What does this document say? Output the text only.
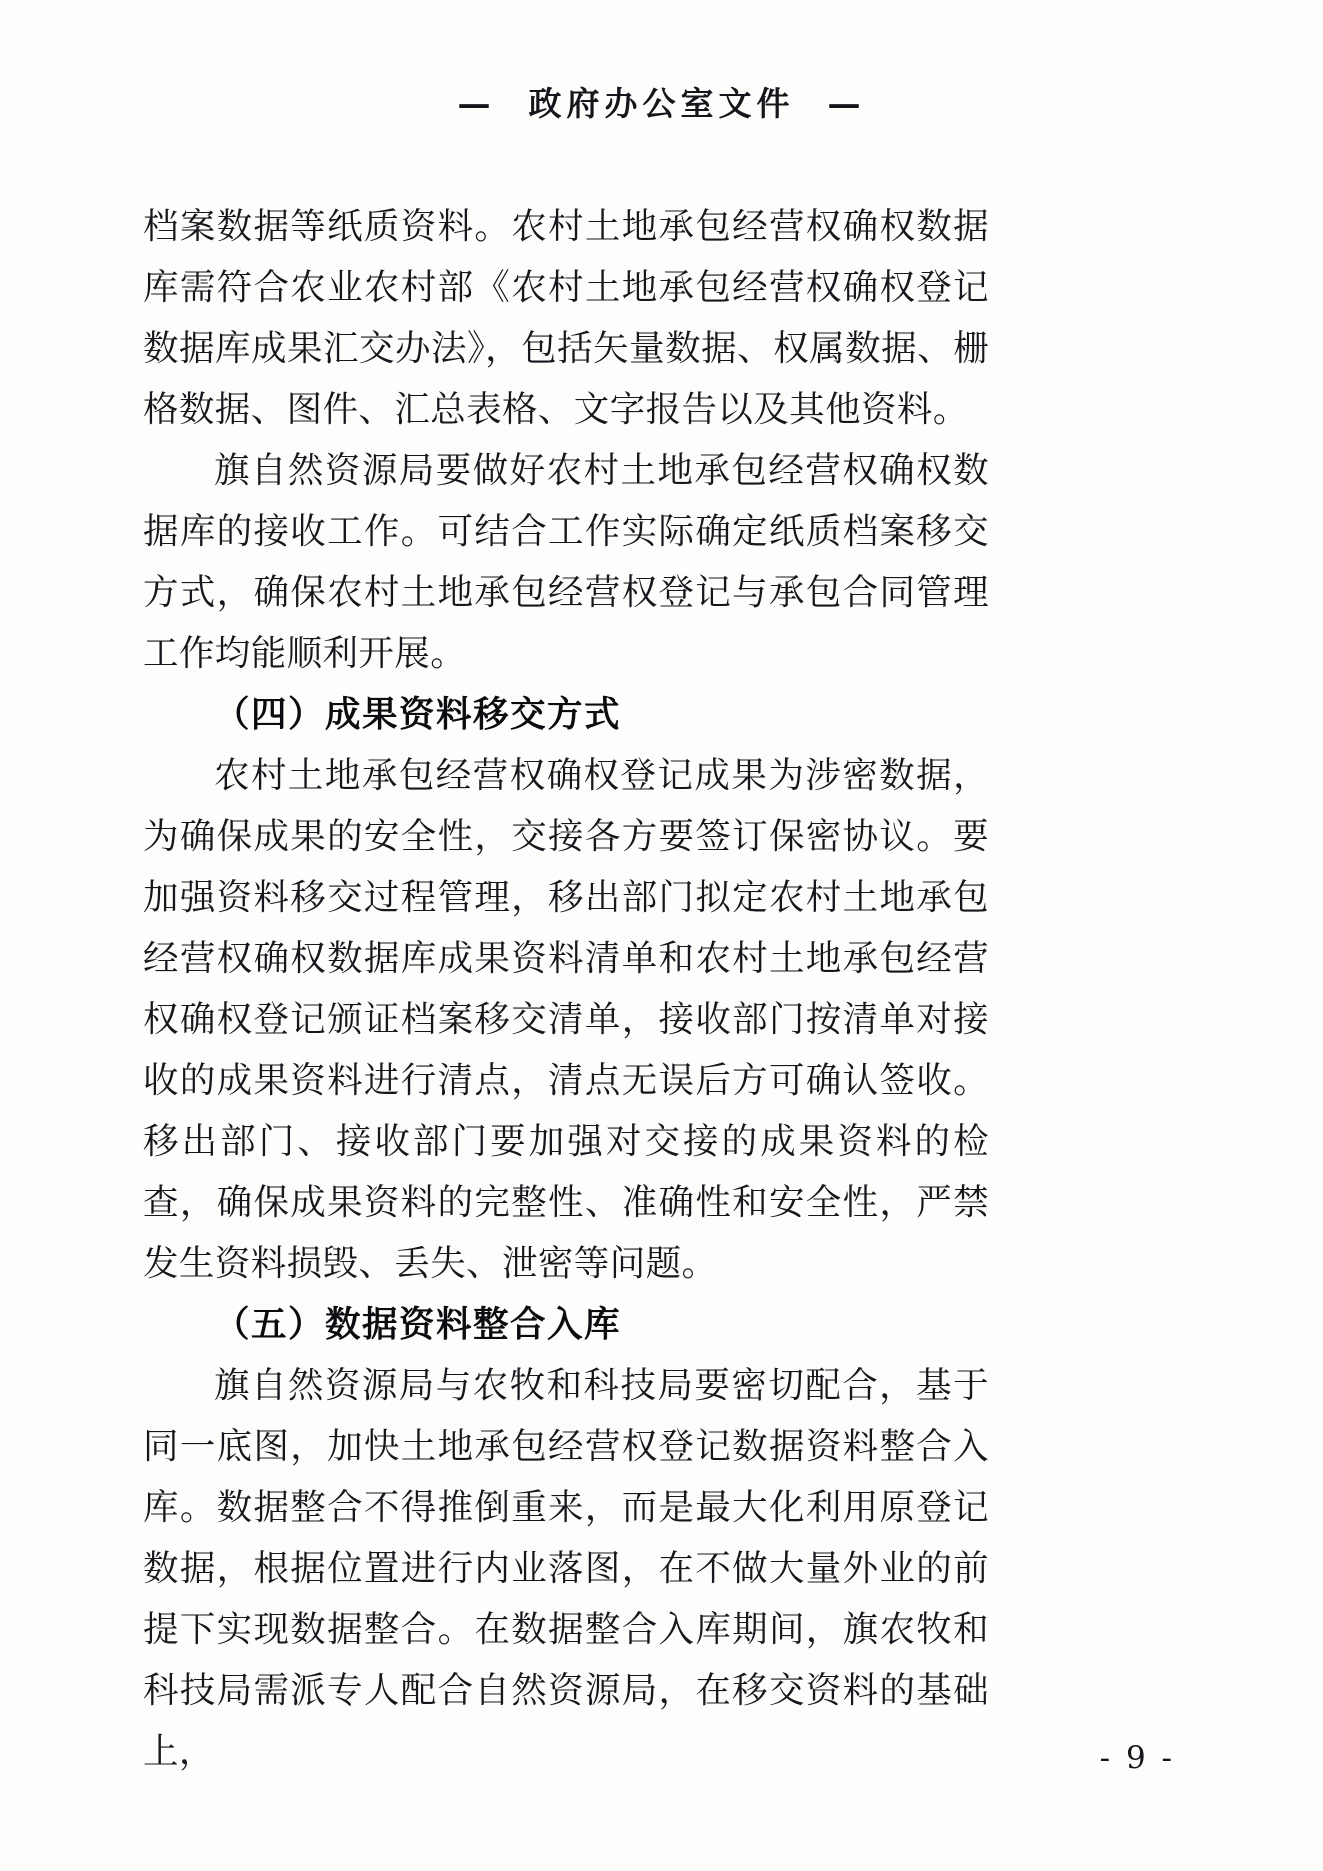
—  政府办公室文件  —

档案数据等纸质资料。农村土地承包经营权确权数据库需符合农业农村部《农村土地承包经营权确权登记数据库成果汇交办法》，包括矢量数据、权属数据、栅格数据、图件、汇总表格、文字报告以及其他资料。

旗自然资源局要做好农村土地承包经营权确权数据库的接收工作。可结合工作实际确定纸质档案移交方式，确保农村土地承包经营权登记与承包合同管理工作均能顺利开展。

（四）成果资料移交方式

农村土地承包经营权确权登记成果为涉密数据，为确保成果的安全性，交接各方要签订保密协议。要加强资料移交过程管理，移出部门拟定农村土地承包经营权确权数据库成果资料清单和农村土地承包经营权确权登记颁证档案移交清单，接收部门按清单对接收的成果资料进行清点，清点无误后方可确认签收。移出部门、接收部门要加强对交接的成果资料的检查，确保成果资料的完整性、准确性和安全性，严禁发生资料损毁、丢失、泄密等问题。

（五）数据资料整合入库

旗自然资源局与农牧和科技局要密切配合，基于同一底图，加快土地承包经营权登记数据资料整合入库。数据整合不得推倒重来，而是最大化利用原登记数据，根据位置进行内业落图，在不做大量外业的前提下实现数据整合。在数据整合入库期间，旗农牧和科技局需派专人配合自然资源局，在移交资料的基础上，	- 9 -
